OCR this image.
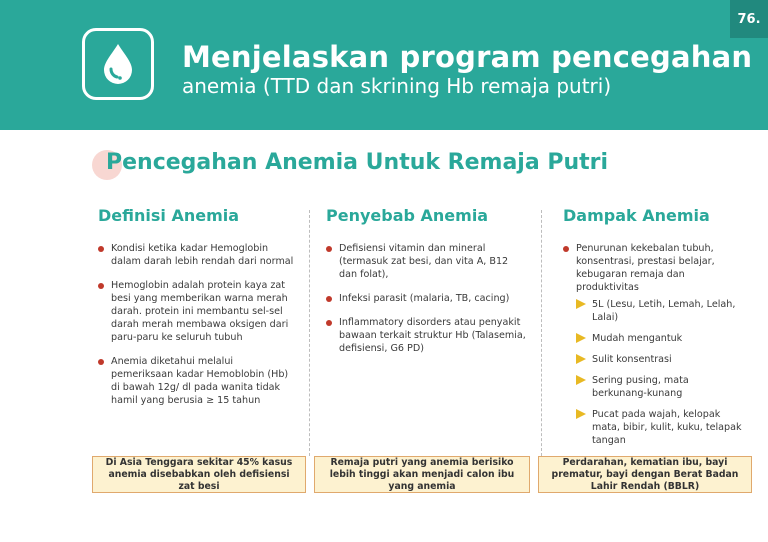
76.
Menjelaskan program pencegahan
anemia (TTD dan skrining Hb remaja putri)
Pencegahan Anemia Untuk Remaja Putri
Definisi Anemia
Kondisi ketika kadar Hemoglobin dalam darah lebih rendah dari normal
Hemoglobin adalah protein kaya zat besi yang memberikan warna merah darah. protein ini membantu sel-sel darah merah membawa oksigen dari paru-paru ke seluruh tubuh
Anemia diketahui melalui pemeriksaan kadar Hemoblobin (Hb) di bawah 12g/ dl pada wanita tidak hamil yang berusia ≥ 15 tahun
Penyebab Anemia
Defisiensi vitamin dan mineral (termasuk zat besi, dan vita A, B12 dan folat),
Infeksi parasit (malaria, TB, cacing)
Inflammatory disorders atau penyakit bawaan terkait struktur Hb (Talasemia, defisiensi, G6 PD)
Dampak Anemia
Penurunan kekebalan tubuh, konsentrasi, prestasi belajar, kebugaran remaja dan produktivitas
5L (Lesu, Letih, Lemah, Lelah, Lalai)
Mudah mengantuk
Sulit konsentrasi
Sering pusing, mata berkunang-kunang
Pucat pada wajah, kelopak mata, bibir, kulit, kuku, telapak tangan
Di Asia Tenggara sekitar 45% kasus anemia disebabkan oleh defisiensi zat besi
Remaja putri yang anemia berisiko lebih tinggi akan menjadi calon ibu yang anemia
Perdarahan, kematian ibu, bayi prematur, bayi dengan Berat Badan Lahir Rendah (BBLR)
